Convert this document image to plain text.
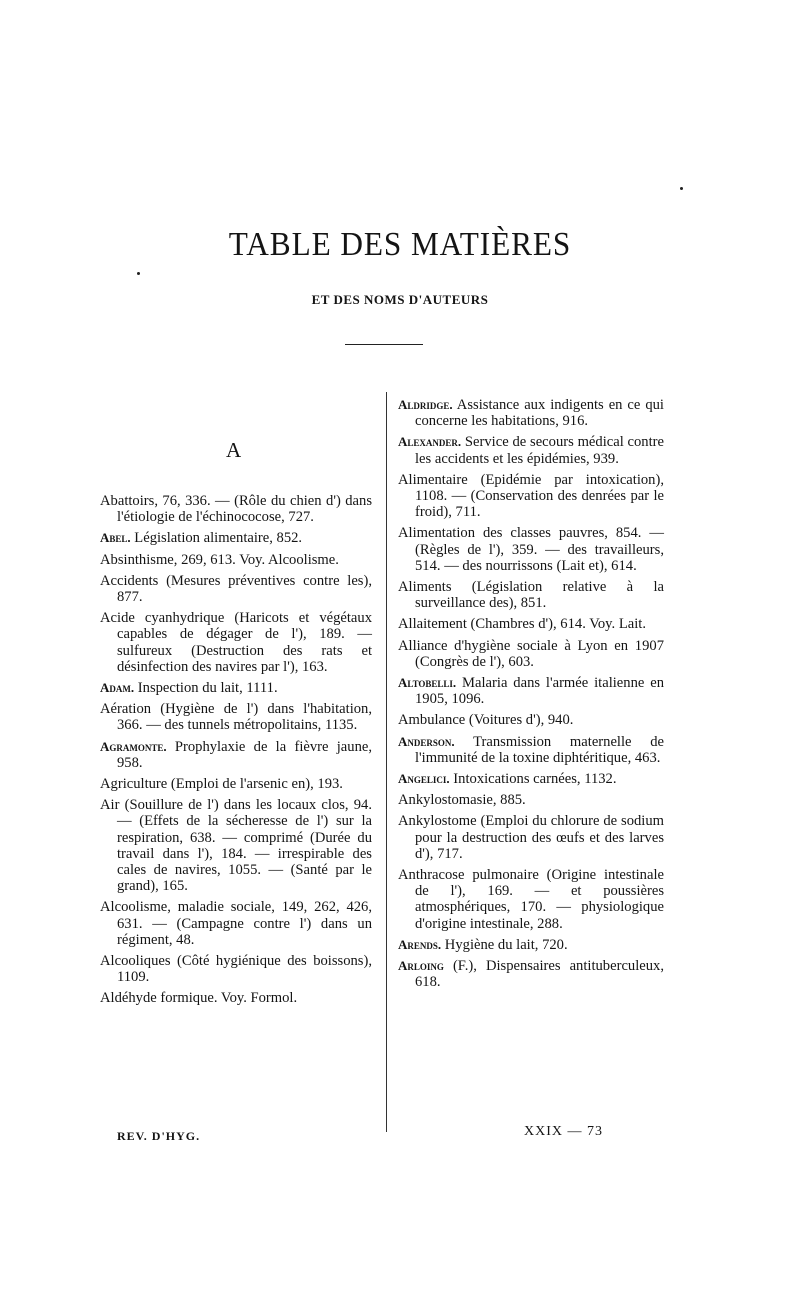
TABLE DES MATIÈRES
ET DES NOMS D'AUTEURS
A

Abattoirs, 76, 336. — (Rôle du chien d') dans l'étiologie de l'échinococose, 727.

Abel. Législation alimentaire, 852.

Absinthisme, 269, 613. Voy. Alcoolisme.

Accidents (Mesures préventives contre les), 877.

Acide cyanhydrique (Haricots et végétaux capables de dégager de l'), 189. — sulfureux (Destruction des rats et désinfection des navires par l'), 163.

Adam. Inspection du lait, 1111.

Aération (Hygiène de l') dans l'habitation, 366. — des tunnels métropolitains, 1135.

Agramonte. Prophylaxie de la fièvre jaune, 958.

Agriculture (Emploi de l'arsenic en), 193.

Air (Souillure de l') dans les locaux clos, 94. — (Effets de la sécheresse de l') sur la respiration, 638. — comprimé (Durée du travail dans l'), 184. — irrespirable des cales de navires, 1055. — (Santé par le grand), 165.

Alcoolisme, maladie sociale, 149, 262, 426, 631. — (Campagne contre l') dans un régiment, 48.

Alcooliques (Côté hygiénique des boissons), 1109.

Aldéhyde formique. Voy. Formol.

Aldridge. Assistance aux indigents en ce qui concerne les habitations, 916.

Alexander. Service de secours médical contre les accidents et les épidémies, 939.

Alimentaire (Epidémie par intoxication), 1108. — (Conservation des denrées par le froid), 711.

Alimentation des classes pauvres, 854. — (Règles de l'), 359. — des travailleurs, 514. — des nourrissons (Lait et), 614.

Aliments (Législation relative à la surveillance des), 851.

Allaitement (Chambres d'), 614. Voy. Lait.

Alliance d'hygiène sociale à Lyon en 1907 (Congrès de l'), 603.

Altobelli. Malaria dans l'armée italienne en 1905, 1096.

Ambulance (Voitures d'), 940.

Anderson. Transmission maternelle de l'immunité de la toxine diphtéritique, 463.

Angelici. Intoxications carnées, 1132.

Ankylostomasie, 885.

Ankylostome (Emploi du chlorure de sodium pour la destruction des œufs et des larves d'), 717.

Anthracose pulmonaire (Origine intestinale de l'), 169. — et poussières atmosphériques, 170. — physiologique d'origine intestinale, 288.

Arends. Hygiène du lait, 720.

Arloing (F.), Dispensaires antituberculeux, 618.

REV. D'HYG.	XXIX — 73
